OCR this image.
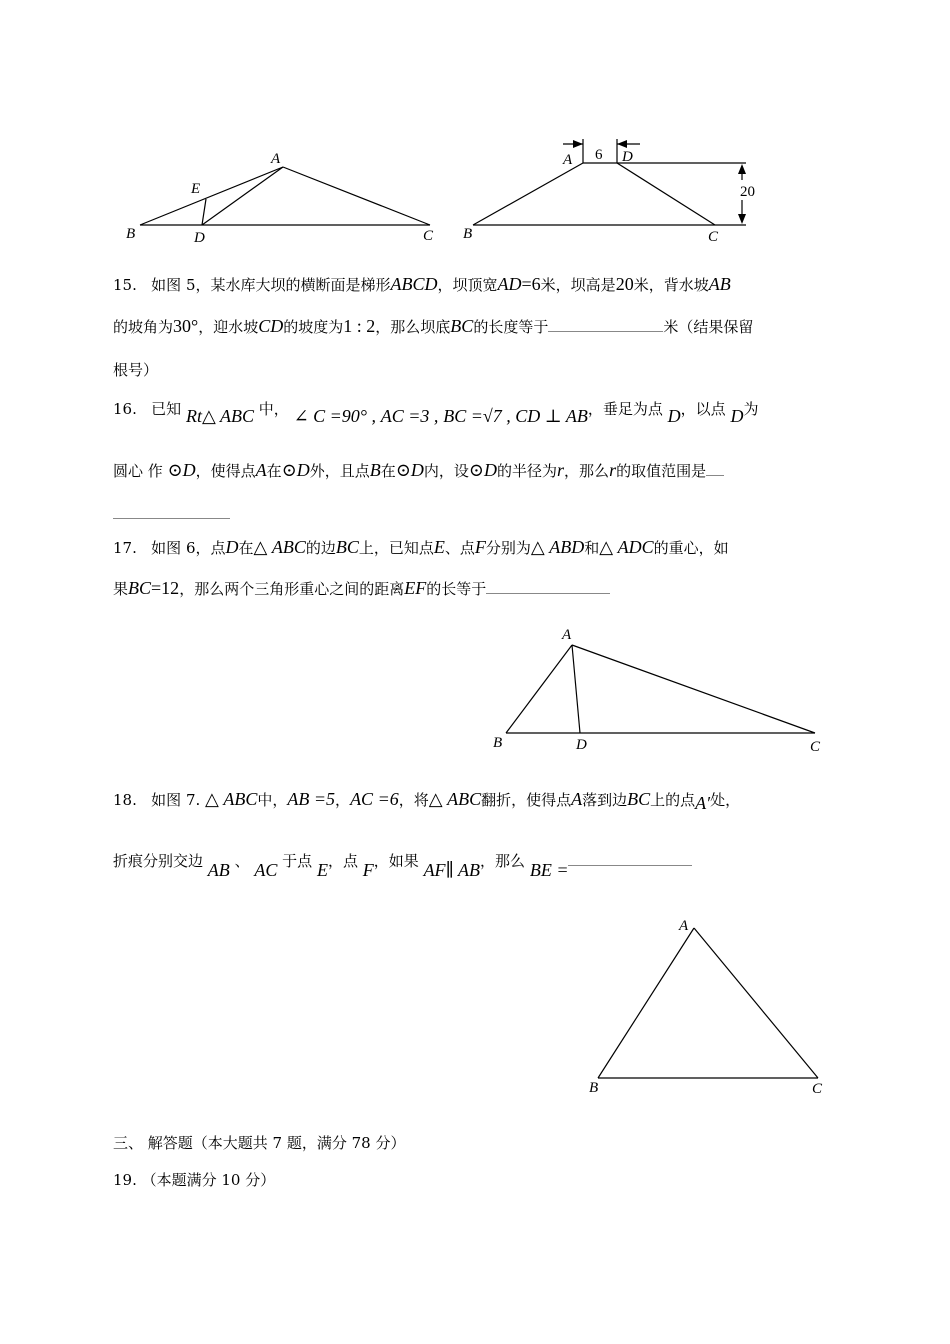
A
E
B	D	C
A 6 D
20
B	C
15. 如图 5，某水库大坝的横断面是梯形ABCD，坝顶宽AD=6米，坝高是20米，背水坡AB
的坡角为30°，迎水坡CD的坡度为1 : 2，那么坝底BC的长度等于	米（结果保留
根号）
16. 已知 Rt△ ABC 中， ∠ C =90° , AC =3 , BC =√7 , CD ⊥ AB，垂足为点 D，以点 D为
圆心 作 ⊙D，使得点A在⊙D外，且点B在⊙D内，设⊙D的半径为r，那么r的取值范围是
17. 如图 6，点D在△ ABC的边BC上，已知点E、点F分别为△ ABD和△ ADC的重心，如
果BC=12，那么两个三角形重心之间的距离EF的长等于
A
B	D	C
18. 如图 7. △ ABC中，AB =5，AC =6，将△ ABC翻折，使得点A落到边BC上的点A′处，
折痕分别交边 AB 、 AC 于点 E，点 F，如果 AF∥ AB，那么 BE =
A
B	C
三、 解答题（本大题共 7 题，满分 78 分）
19. （本题满分 10 分）
